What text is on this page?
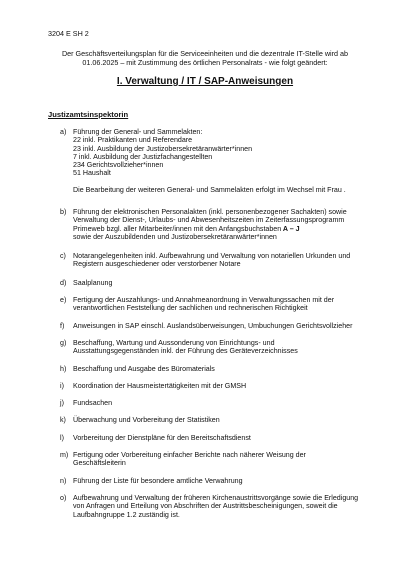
3204 E SH 2
Der Geschäftsverteilungsplan für die Serviceeinheiten und die dezentrale IT-Stelle wird ab
01.06.2025 – mit Zustimmung des örtlichen Personalrats - wie folgt geändert:
I. Verwaltung / IT / SAP-Anweisungen
Justizamtsinspektorin
a) Führung der General- und Sammelakten:
22 inkl. Praktikanten und Referendare
23 inkl. Ausbildung der Justizobersekretäranwärter*innen
7 inkl. Ausbildung der Justizfachangestellten
234 Gerichtsvollzieher*innen
51 Haushalt
Die Bearbeitung der weiteren General- und Sammelakten erfolgt im Wechsel mit Frau .
b) Führung der elektronischen Personalakten (inkl. personenbezogener Sachakten) sowie
Verwaltung der Dienst-, Urlaubs- und Abwesenheitszeiten im Zeiterfassungsprogramm
Primeweb bzgl. aller Mitarbeiter/innen mit den Anfangsbuchstaben A – J
sowie der Auszubildenden und Justizobersekretäranwärter*innen
c) Notarangelegenheiten inkl. Aufbewahrung und Verwaltung von notariellen Urkunden und
Registern ausgeschiedener oder verstorbener Notare
d) Saalplanung
e) Fertigung der Auszahlungs- und Annahmeanordnung in Verwaltungssachen mit der
verantwortlichen Feststellung der sachlichen und rechnerischen Richtigkeit
f) Anweisungen in SAP einschl. Auslandsüberweisungen, Umbuchungen Gerichtsvollzieher
g) Beschaffung, Wartung und Aussonderung von Einrichtungs- und
Ausstattungsgegenständen inkl. der Führung des Geräteverzeichnisses
h) Beschaffung und Ausgabe des Büromaterials
i) Koordination der Hausmeistertätigkeiten mit der GMSH
j) Fundsachen
k) Überwachung und Vorbereitung der Statistiken
l) Vorbereitung der Dienstpläne für den Bereitschaftsdienst
m) Fertigung oder Vorbereitung einfacher Berichte nach näherer Weisung der
Geschäftsleiterin
n) Führung der Liste für besondere amtliche Verwahrung
o) Aufbewahrung und Verwaltung der früheren Kirchenaustrittsvorgänge sowie die Erledigung
von Anfragen und Erteilung von Abschriften der Austrittsbescheinigungen, soweit die
Laufbahngruppe 1.2 zuständig ist.
